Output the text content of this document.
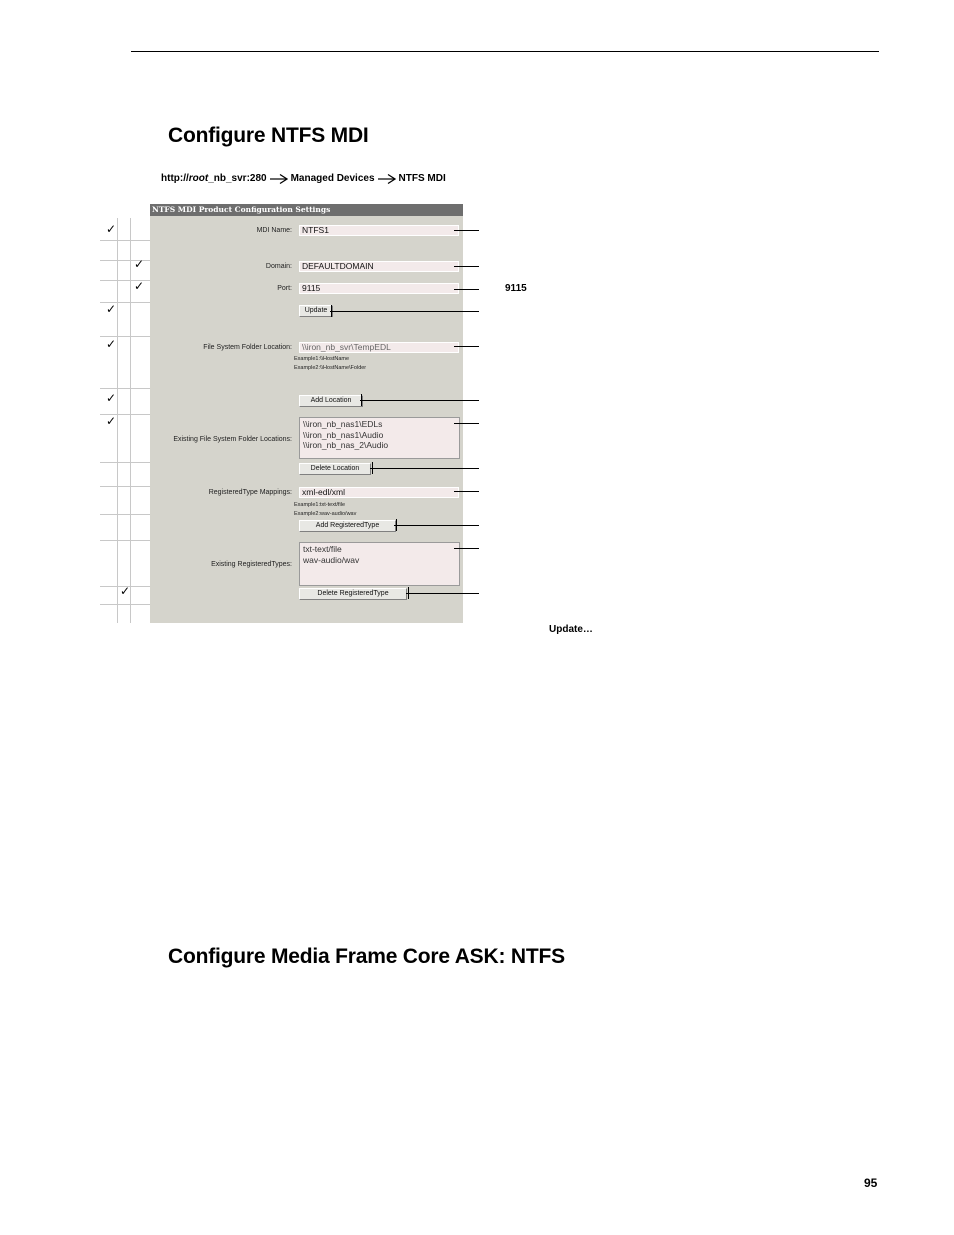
Configure NTFS MDI
http:// root _nb_svr:280 Managed Devices NTFS MDI
✓
✓
✓
✓
✓
✓
✓
✓
NTFS MDI Product Configuration Settings
MDI Name:	NTFS1
Domain:	DEFAULTDOMAIN
Port:	9115
Update
File System Folder Location:	\\iron_nb_svr\TempEDL
Example1:\\HostName
Example2:\\HostName\Folder
Add Location
Existing File System Folder Locations:
\\iron_nb_nas1\EDLs
\\iron_nb_nas1\Audio
\\iron_nb_nas_2\Audio
Delete Location
RegisteredType Mappings:	xml-edl/xml
Example1:txt-text/file
Example2:wav-audio/wav
Add RegisteredType
Existing RegisteredTypes:
txt-text/file
wav-audio/wav
Delete RegisteredType
9115
Update…
Configure Media Frame Core ASK: NTFS
95
